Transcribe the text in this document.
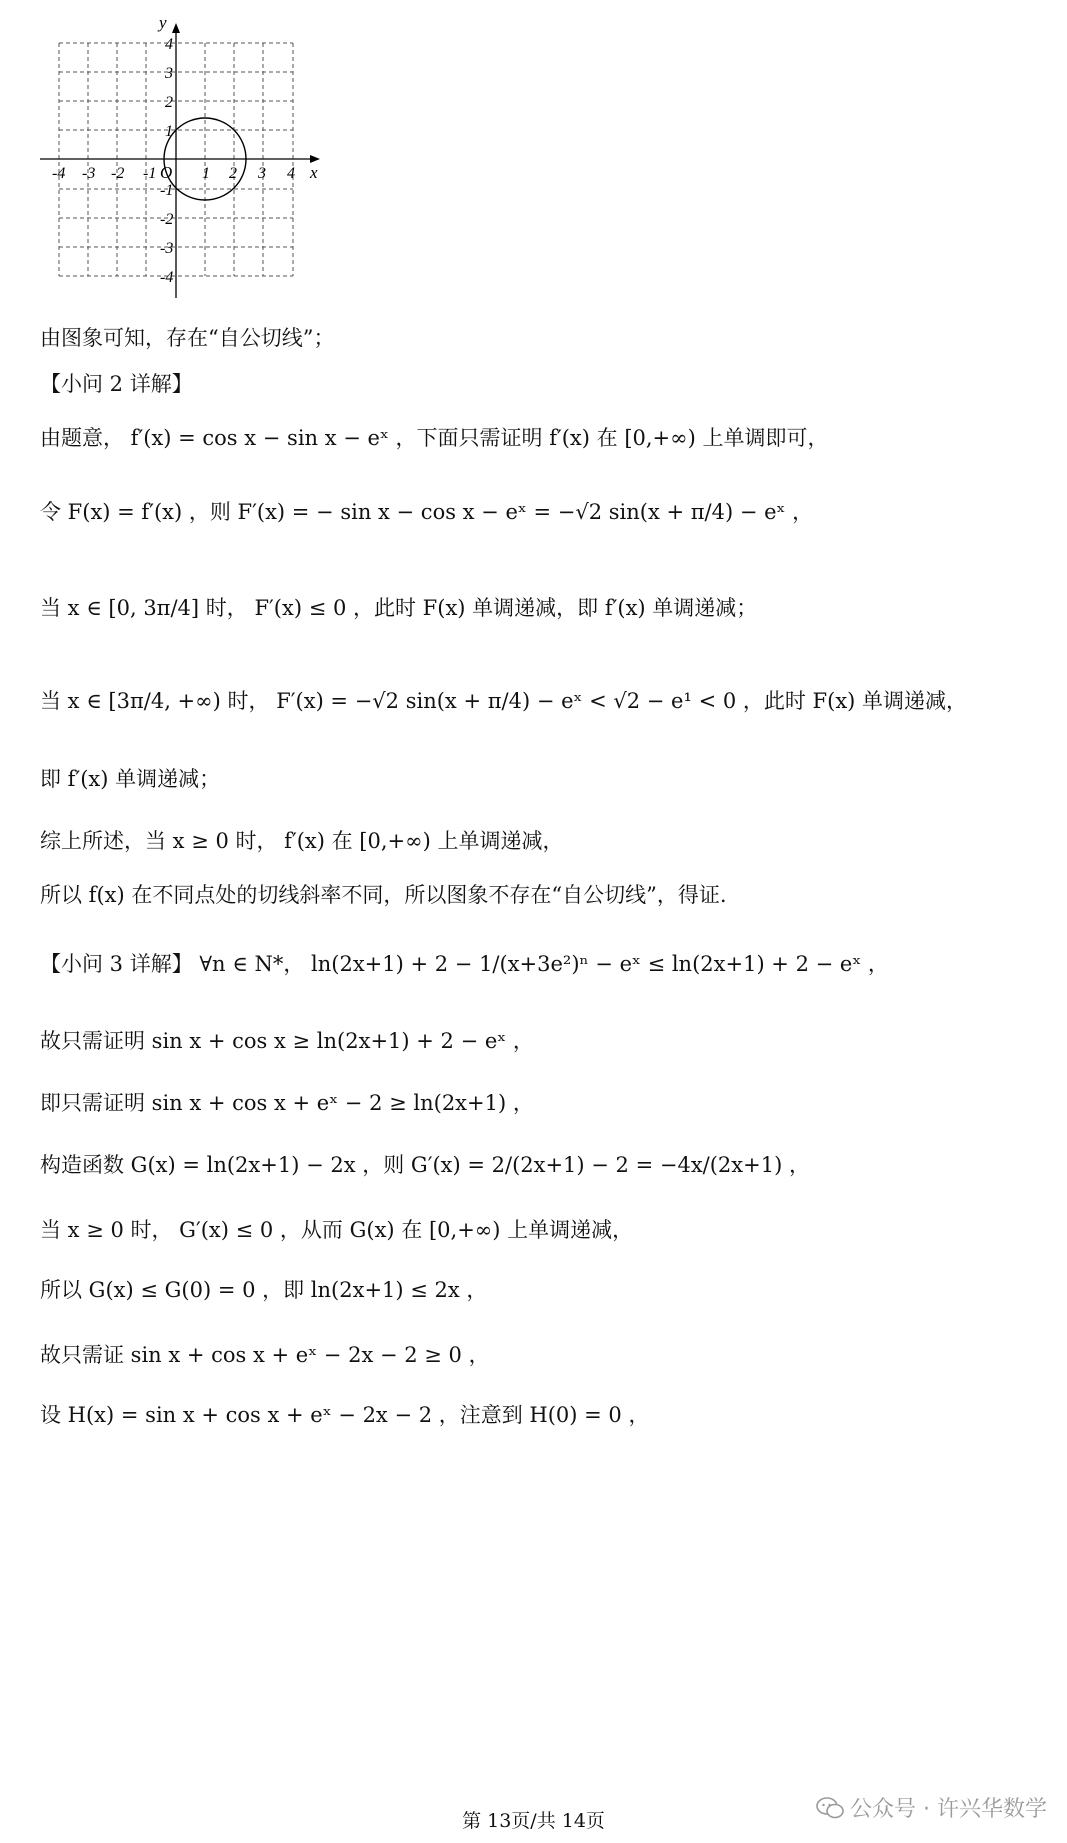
y
x
O
-4 -3 -2 -1	1 2 3 4
4
3
2
1
-1
-2
-3
-4
由图象可知，存在“自公切线”；
【小问 2 详解】
由题意， f′(x) = cos x − sin x − eˣ ，下面只需证明 f′(x) 在 [0,+∞) 上单调即可，
令 F(x) = f′(x) ，则 F′(x) = − sin x − cos x − eˣ = −√2 sin(x + π/4) − eˣ ，
当 x ∈ [0, 3π/4] 时， F′(x) ≤ 0 ，此时 F(x) 单调递减，即 f′(x) 单调递减；
当 x ∈ [3π/4, +∞) 时， F′(x) = −√2 sin(x + π/4) − eˣ < √2 − e¹ < 0 ，此时 F(x) 单调递减，
即 f′(x) 单调递减；
综上所述，当 x ≥ 0 时， f′(x) 在 [0,+∞) 上单调递减，
所以 f(x) 在不同点处的切线斜率不同，所以图象不存在“自公切线”，得证.
【小问 3 详解】 ∀n ∈ N*， ln(2x+1) + 2 − 1/(x+3e²)ⁿ − eˣ ≤ ln(2x+1) + 2 − eˣ ，
故只需证明 sin x + cos x ≥ ln(2x+1) + 2 − eˣ ，
即只需证明 sin x + cos x + eˣ − 2 ≥ ln(2x+1) ，
构造函数 G(x) = ln(2x+1) − 2x ，则 G′(x) = 2/(2x+1) − 2 = −4x/(2x+1) ，
当 x ≥ 0 时， G′(x) ≤ 0 ，从而 G(x) 在 [0,+∞) 上单调递减，
所以 G(x) ≤ G(0) = 0 ，即 ln(2x+1) ≤ 2x ，
故只需证 sin x + cos x + eˣ − 2x − 2 ≥ 0 ，
设 H(x) = sin x + cos x + eˣ − 2x − 2 ，注意到 H(0) = 0 ，
第 13页/共 14页	公众号 · 许兴华数学
